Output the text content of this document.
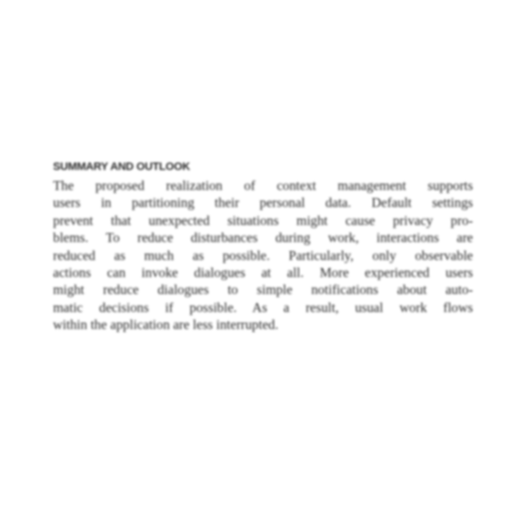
SUMMARY AND OUTLOOK
The proposed realization of context management supports
users in partitioning their personal data. Default settings
prevent that unexpected situations might cause privacy pro-
blems. To reduce disturbances during work, interactions are
reduced as much as possible. Particularly, only observable
actions can invoke dialogues at all. More experienced users
might reduce dialogues to simple notifications about auto-
matic decisions if possible. As a result, usual work flows
within the application are less interrupted.
